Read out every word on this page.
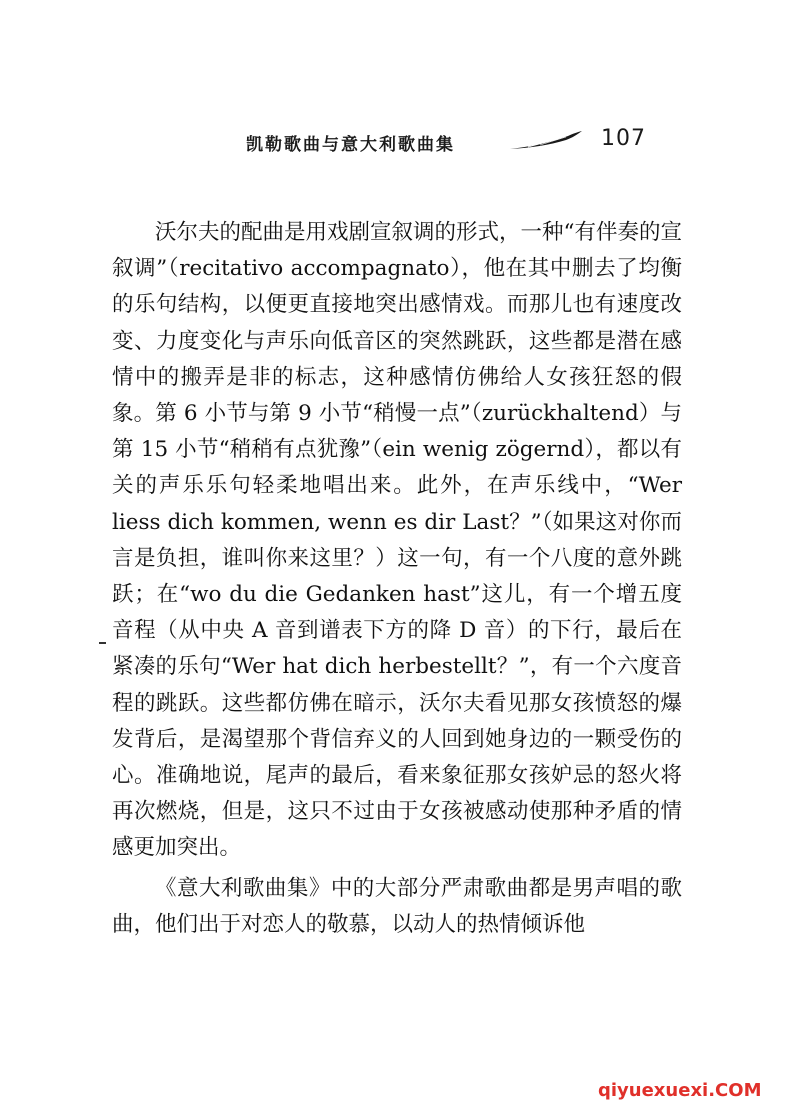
凯勒歌曲与意大利歌曲集	107

沃尔夫的配曲是用戏剧宣叙调的形式，一种“有伴奏的宣叙调”（recitativo accompagnato），他在其中删去了均衡的乐句结构，以便更直接地突出感情戏。而那儿也有速度改变、力度变化与声乐向低音区的突然跳跃，这些都是潜在感情中的搬弄是非的标志，这种感情仿佛给人女孩狂怒的假象。第 6 小节与第 9 小节“稍慢一点”（zurückhaltend）与第 15 小节“稍稍有点犹豫”（ein wenig zögernd），都以有关的声乐乐句轻柔地唱出来。此外，在声乐线中，“Wer liess dich kommen, wenn es dir Last？”（如果这对你而言是负担，谁叫你来这里？）这一句，有一个八度的意外跳跃；在“wo du die Gedanken hast”这儿，有一个增五度音程（从中央 A 音到谱表下方的降 D 音）的下行，最后在紧凑的乐句“Wer hat dich herbestellt？”，有一个六度音程的跳跃。这些都仿佛在暗示，沃尔夫看见那女孩愤怒的爆发背后，是渴望那个背信弃义的人回到她身边的一颗受伤的心。准确地说，尾声的最后，看来象征那女孩妒忌的怒火将再次燃烧，但是，这只不过由于女孩被感动使那种矛盾的情感更加突出。

《意大利歌曲集》中的大部分严肃歌曲都是男声唱的歌曲，他们出于对恋人的敬慕，以动人的热情倾诉他

qiyuexuexi.COM
